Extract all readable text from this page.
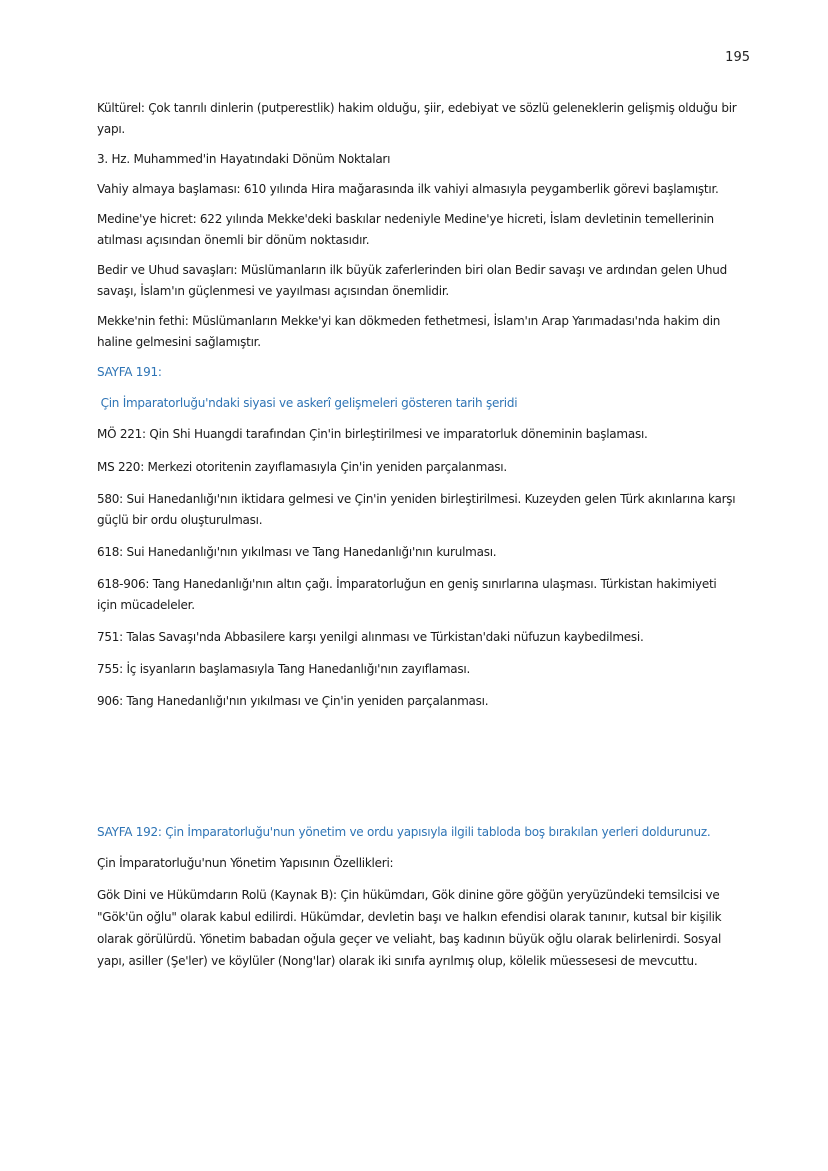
195

Kültürel: Çok tanrılı dinlerin (putperestlik) hakim olduğu, şiir, edebiyat ve sözlü geleneklerin gelişmiş olduğu bir yapı.

3. Hz. Muhammed'in Hayatındaki Dönüm Noktaları

Vahiy almaya başlaması: 610 yılında Hira mağarasında ilk vahiyi almasıyla peygamberlik görevi başlamıştır.

Medine'ye hicret: 622 yılında Mekke'deki baskılar nedeniyle Medine'ye hicreti, İslam devletinin temellerinin atılması açısından önemli bir dönüm noktasıdır.

Bedir ve Uhud savaşları: Müslümanların ilk büyük zaferlerinden biri olan Bedir savaşı ve ardından gelen Uhud savaşı, İslam'ın güçlenmesi ve yayılması açısından önemlidir.

Mekke'nin fethi: Müslümanların Mekke'yi kan dökmeden fethetmesi, İslam'ın Arap Yarımadası'nda hakim din haline gelmesini sağlamıştır.

SAYFA 191:

Çin İmparatorluğu'ndaki siyasi ve askerî gelişmeleri gösteren tarih şeridi

MÖ 221: Qin Shi Huangdi tarafından Çin'in birleştirilmesi ve imparatorluk döneminin başlaması.

MS 220: Merkezi otoritenin zayıflamasıyla Çin'in yeniden parçalanması.

580: Sui Hanedanlığı'nın iktidara gelmesi ve Çin'in yeniden birleştirilmesi. Kuzeyden gelen Türk akınlarına karşı güçlü bir ordu oluşturulması.

618: Sui Hanedanlığı'nın yıkılması ve Tang Hanedanlığı'nın kurulması.

618-906: Tang Hanedanlığı'nın altın çağı. İmparatorluğun en geniş sınırlarına ulaşması. Türkistan hakimiyeti için mücadeleler.

751: Talas Savaşı'nda Abbasilere karşı yenilgi alınması ve Türkistan'daki nüfuzun kaybedilmesi.

755: İç isyanların başlamasıyla Tang Hanedanlığı'nın zayıflaması.

906: Tang Hanedanlığı'nın yıkılması ve Çin'in yeniden parçalanması.

SAYFA 192: Çin İmparatorluğu'nun yönetim ve ordu yapısıyla ilgili tabloda boş bırakılan yerleri doldurunuz.

Çin İmparatorluğu'nun Yönetim Yapısının Özellikleri:

Gök Dini ve Hükümdarın Rolü (Kaynak B): Çin hükümdarı, Gök dinine göre göğün yeryüzündeki temsilcisi ve "Gök'ün oğlu" olarak kabul edilirdi. Hükümdar, devletin başı ve halkın efendisi olarak tanınır, kutsal bir kişilik olarak görülürdü. Yönetim babadan oğula geçer ve veliaht, baş kadının büyük oğlu olarak belirlenirdi. Sosyal yapı, asiller (Şe'ler) ve köylüler (Nong'lar) olarak iki sınıfa ayrılmış olup, kölelik müessesesi de mevcuttu.
